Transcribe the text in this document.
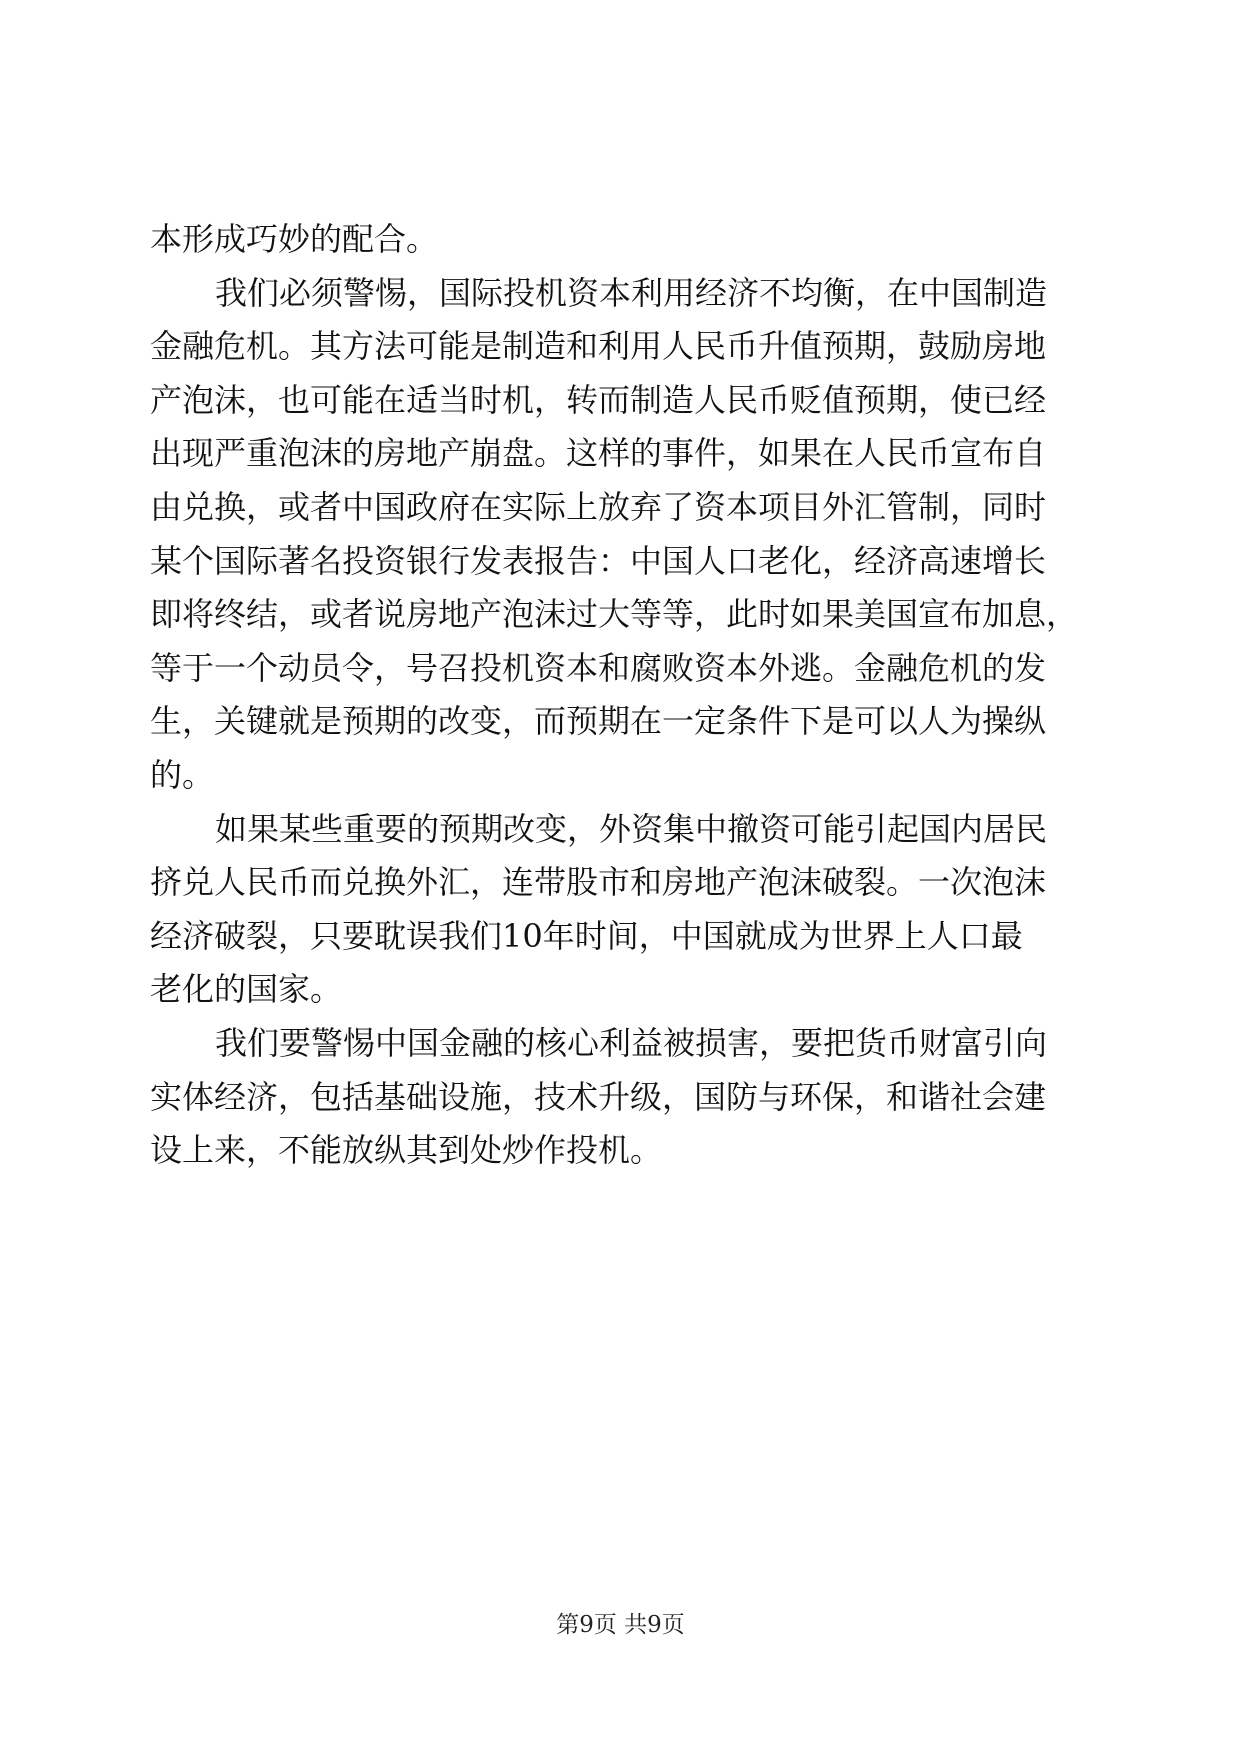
本形成巧妙的配合。
我们必须警惕，国际投机资本利用经济不均衡，在中国制造
金融危机。其方法可能是制造和利用人民币升值预期，鼓励房地
产泡沫，也可能在适当时机，转而制造人民币贬值预期，使已经
出现严重泡沫的房地产崩盘。这样的事件，如果在人民币宣布自
由兑换，或者中国政府在实际上放弃了资本项目外汇管制，同时
某个国际著名投资银行发表报告：中国人口老化，经济高速增长
即将终结，或者说房地产泡沫过大等等，此时如果美国宣布加息，
等于一个动员令，号召投机资本和腐败资本外逃。金融危机的发
生，关键就是预期的改变，而预期在一定条件下是可以人为操纵
的。
如果某些重要的预期改变，外资集中撤资可能引起国内居民
挤兑人民币而兑换外汇，连带股市和房地产泡沫破裂。一次泡沫
经济破裂，只要耽误我们10年时间，中国就成为世界上人口最
老化的国家。
我们要警惕中国金融的核心利益被损害，要把货币财富引向
实体经济，包括基础设施，技术升级，国防与环保，和谐社会建
设上来，不能放纵其到处炒作投机。
第9页 共9页
